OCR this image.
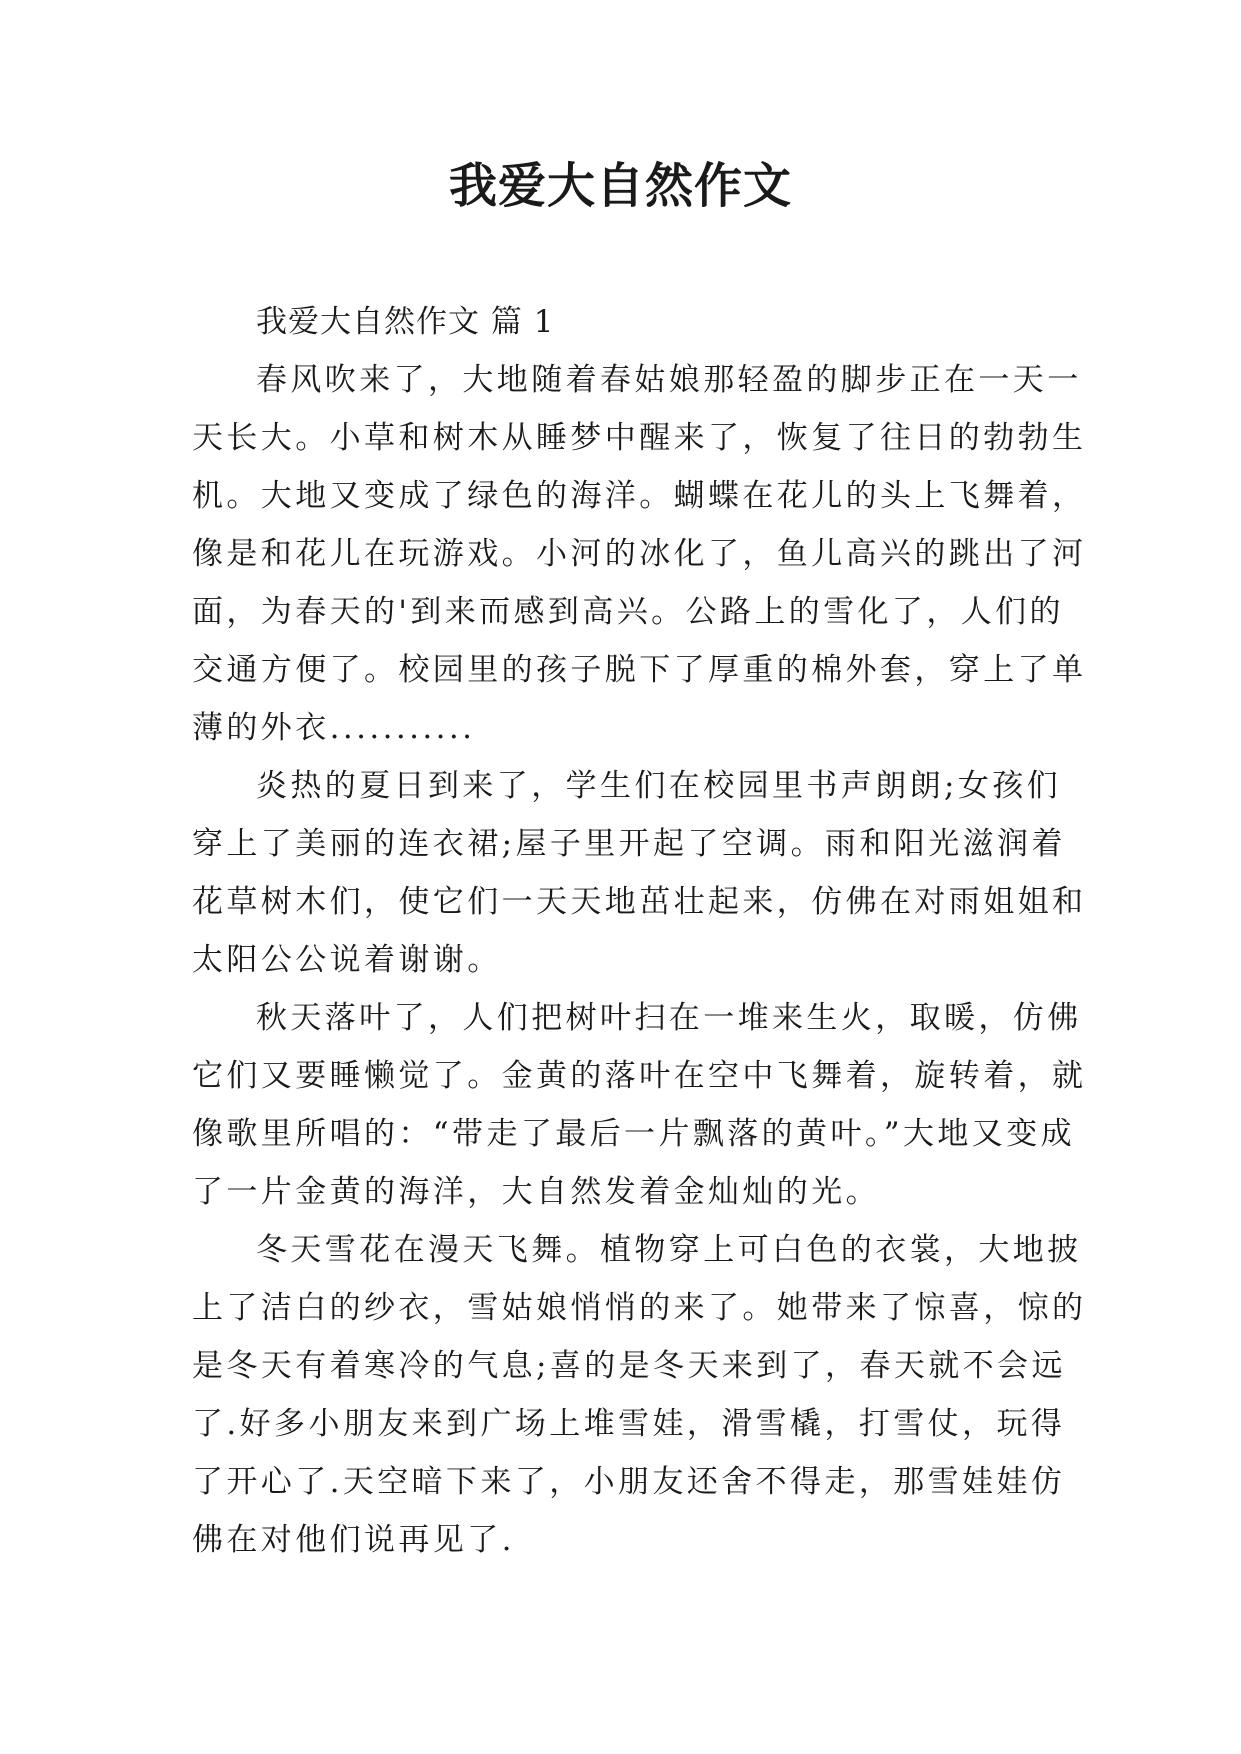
我爱大自然作文
我爱大自然作文 篇 1
春风吹来了，大地随着春姑娘那轻盈的脚步正在一天一
天长大。小草和树木从睡梦中醒来了，恢复了往日的勃勃生
机。大地又变成了绿色的海洋。蝴蝶在花儿的头上飞舞着，
像是和花儿在玩游戏。小河的冰化了，鱼儿高兴的跳出了河
面，为春天的'到来而感到高兴。公路上的雪化了，人们的
交通方便了。校园里的孩子脱下了厚重的棉外套，穿上了单
薄的外衣...........
炎热的夏日到来了，学生们在校园里书声朗朗;女孩们
穿上了美丽的连衣裙;屋子里开起了空调。雨和阳光滋润着
花草树木们，使它们一天天地茁壮起来，仿佛在对雨姐姐和
太阳公公说着谢谢。
秋天落叶了，人们把树叶扫在一堆来生火，取暖，仿佛
它们又要睡懒觉了。金黄的落叶在空中飞舞着，旋转着，就
像歌里所唱的：“带走了最后一片飘落的黄叶。”大地又变成
了一片金黄的海洋，大自然发着金灿灿的光。
冬天雪花在漫天飞舞。植物穿上可白色的衣裳，大地披
上了洁白的纱衣，雪姑娘悄悄的来了。她带来了惊喜，惊的
是冬天有着寒冷的气息;喜的是冬天来到了，春天就不会远
了.好多小朋友来到广场上堆雪娃，滑雪橇，打雪仗，玩得
了开心了.天空暗下来了，小朋友还舍不得走，那雪娃娃仿
佛在对他们说再见了.
